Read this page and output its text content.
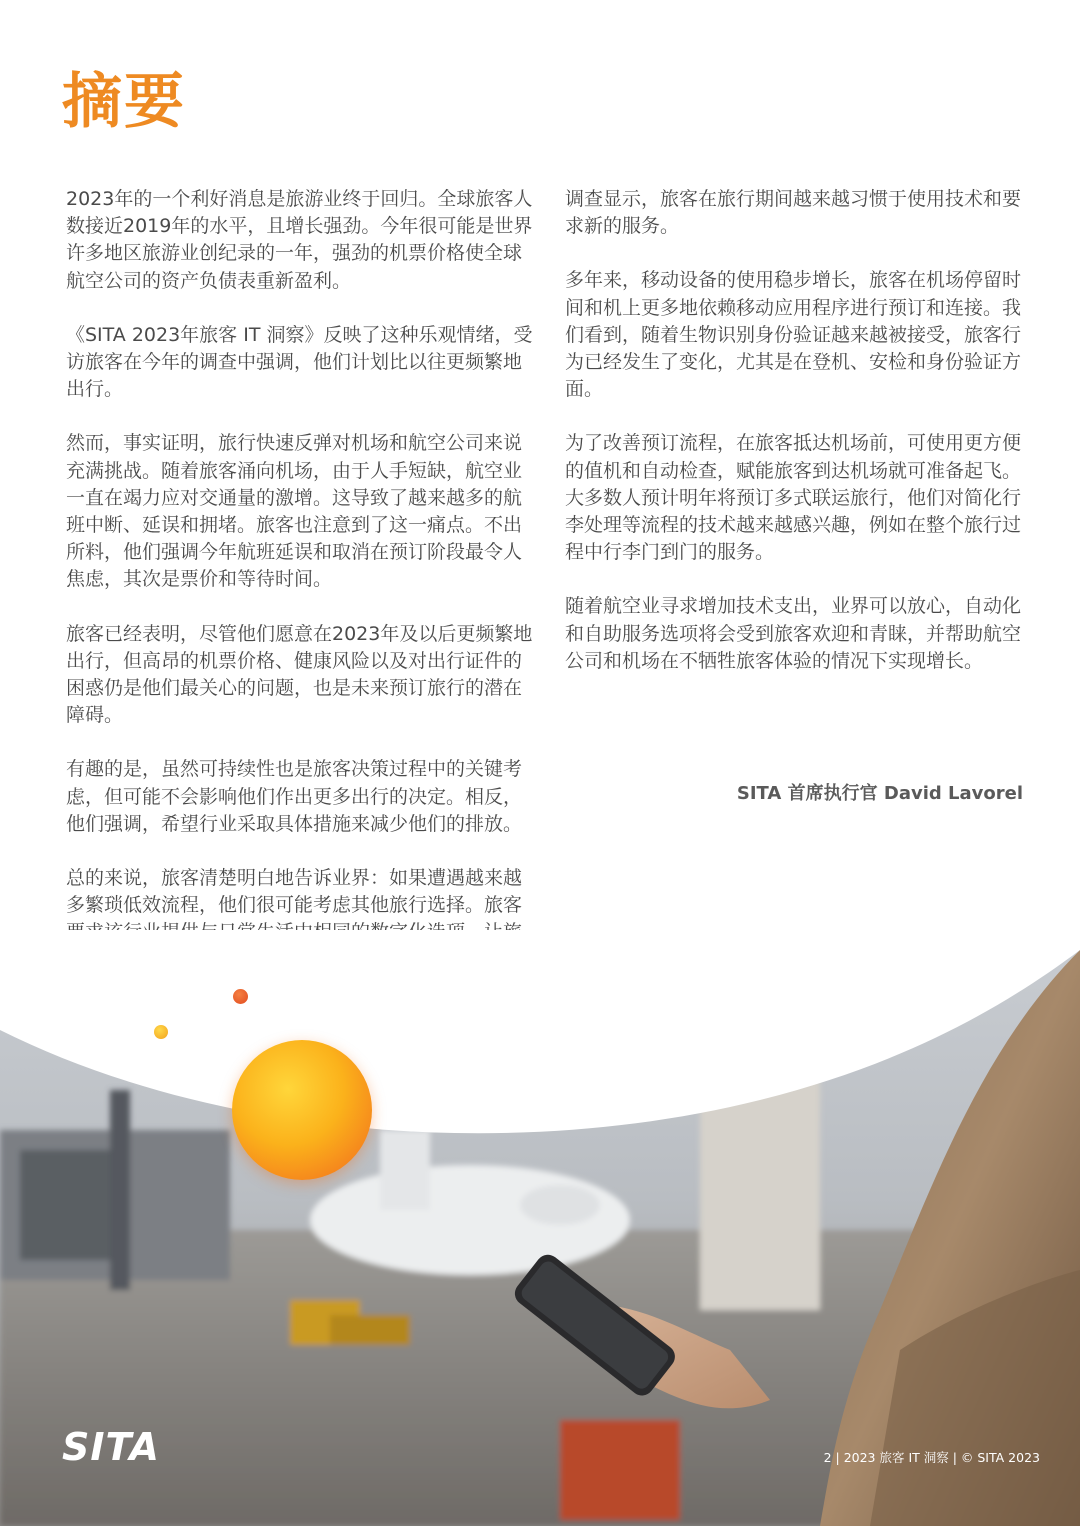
摘要

2023年的一个利好消息是旅游业终于回归。全球旅客人数接近2019年的水平，且增长强劲。今年很可能是世界许多地区旅游业创纪录的一年，强劲的机票价格使全球航空公司的资产负债表重新盈利。

《SITA 2023年旅客 IT 洞察》反映了这种乐观情绪，受访旅客在今年的调查中强调，他们计划比以往更频繁地出行。

然而，事实证明，旅行快速反弹对机场和航空公司来说充满挑战。随着旅客涌向机场，由于人手短缺，航空业一直在竭力应对交通量的激增。这导致了越来越多的航班中断、延误和拥堵。旅客也注意到了这一痛点。不出所料，他们强调今年航班延误和取消在预订阶段最令人焦虑，其次是票价和等待时间。

旅客已经表明，尽管他们愿意在2023年及以后更频繁地出行，但高昂的机票价格、健康风险以及对出行证件的困惑仍是他们最关心的问题，也是未来预订旅行的潜在障碍。

有趣的是，虽然可持续性也是旅客决策过程中的关键考虑，但可能不会影响他们作出更多出行的决定。相反，他们强调，希望行业采取具体措施来减少他们的排放。

总的来说，旅客清楚明白地告诉业界：如果遭遇越来越多繁琐低效流程，他们很可能考虑其他旅行选择。旅客

调查显示，旅客在旅行期间越来越习惯于使用技术和要求新的服务。

多年来，移动设备的使用稳步增长，旅客在机场停留时间和机上更多地依赖移动应用程序进行预订和连接。我们看到，随着生物识别身份验证越来越被接受，旅客行为已经发生了变化，尤其是在登机、安检和身份验证方面。

为了改善预订流程，在旅客抵达机场前，可使用更方便的值机和自动检查，赋能旅客到达机场就可准备起飞。大多数人预计明年将预订多式联运旅行，他们对简化行李处理等流程的技术越来越感兴趣，例如在整个旅行过程中行李门到门的服务。

随着航空业寻求增加技术支出，业界可以放心，自动化和自助服务选项将会受到旅客欢迎和青睐，并帮助航空公司和机场在不牺牲旅客体验的情况下实现增长。

SITA 首席执行官 David Lavorel
SITA	2 | 2023 旅客 IT 洞察 | © SITA 2023
